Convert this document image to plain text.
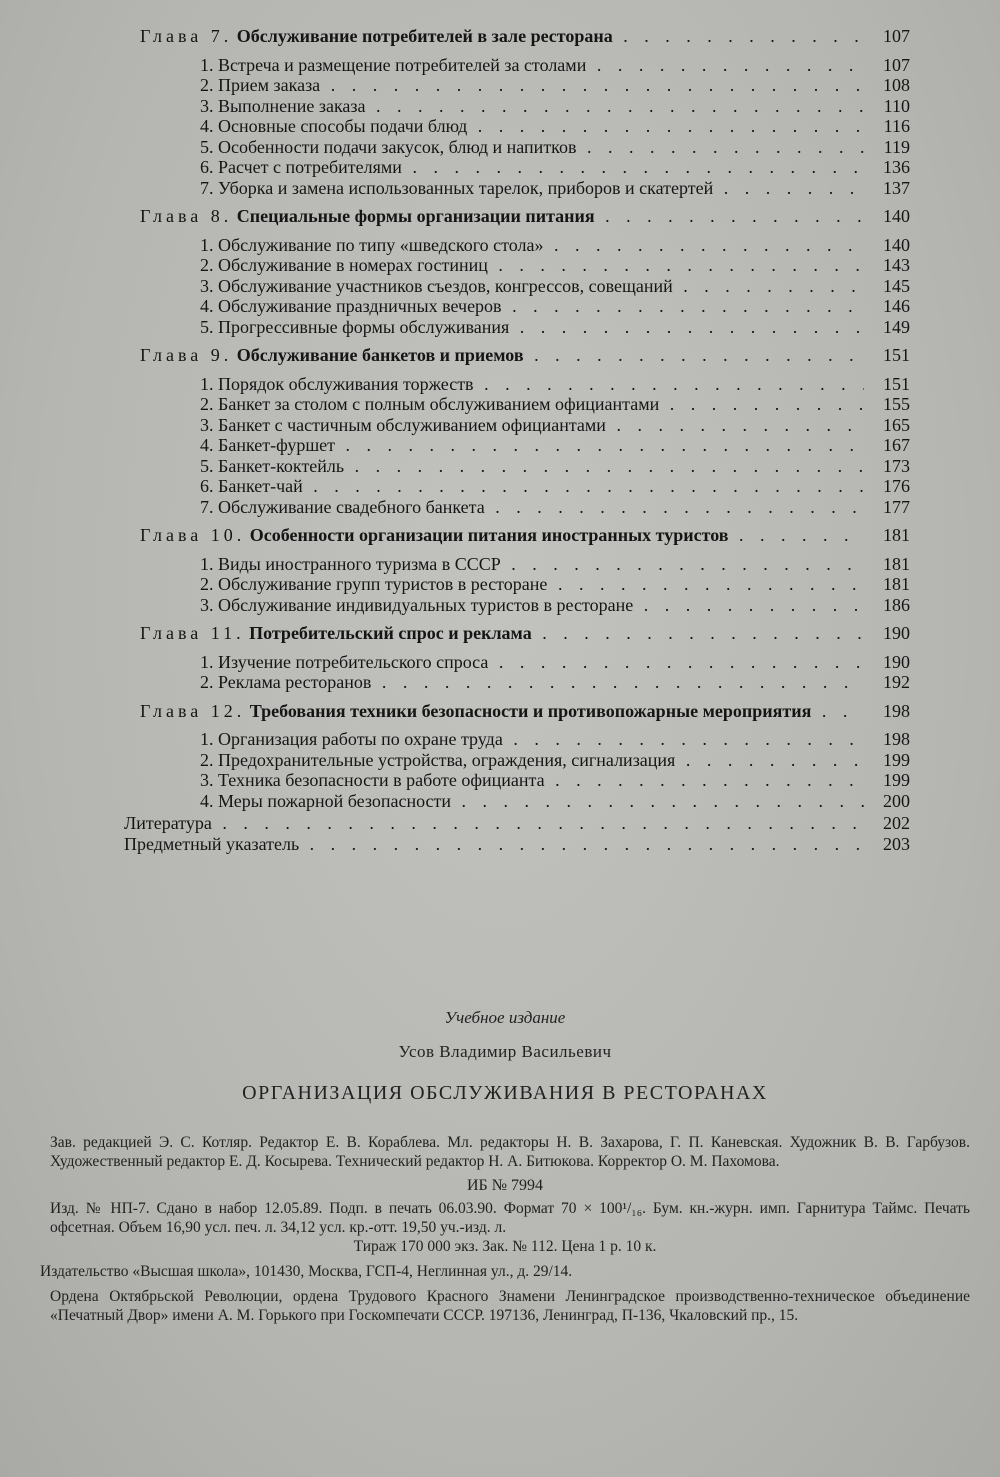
Глава 7. Обслуживание потребителей в зале ресторана . . .	107
1. Встреча и размещение потребителей за столами . . .	107
2. Прием заказа . . .	108
3. Выполнение заказа . . .	110
4. Основные способы подачи блюд . . .	116
5. Особенности подачи закусок, блюд и напитков . . .	119
6. Расчет с потребителями . . .	136
7. Уборка и замена использованных тарелок, приборов и скатертей . . .	137
Глава 8. Специальные формы организации питания . . .	140
1. Обслуживание по типу «шведского стола» . . .	140
2. Обслуживание в номерах гостиниц . . .	143
3. Обслуживание участников съездов, конгрессов, совещаний . . .	145
4. Обслуживание праздничных вечеров . . .	146
5. Прогрессивные формы обслуживания . . .	149
Глава 9. Обслуживание банкетов и приемов . . .	151
1. Порядок обслуживания торжеств . . .	151
2. Банкет за столом с полным обслуживанием официантами . . .	155
3. Банкет с частичным обслуживанием официантами . . .	165
4. Банкет-фуршет . . .	167
5. Банкет-коктейль . . .	173
6. Банкет-чай . . .	176
7. Обслуживание свадебного банкета . . .	177
Глава 10. Особенности организации питания иностранных туристов . . .	181
1. Виды иностранного туризма в СССР . . .	181
2. Обслуживание групп туристов в ресторане . . .	181
3. Обслуживание индивидуальных туристов в ресторане . . .	186
Глава 11. Потребительский спрос и реклама . . .	190
1. Изучение потребительского спроса . . .	190
2. Реклама ресторанов . . .	192
Глава 12. Требования техники безопасности и противопожарные мероприятия . . .	198
1. Организация работы по охране труда . . .	198
2. Предохранительные устройства, ограждения, сигнализация . . .	199
3. Техника безопасности в работе официанта . . .	199
4. Меры пожарной безопасности . . .	200
Литература . . .	202
Предметный указатель . . .	203
Учебное издание
Усов Владимир Васильевич
ОРГАНИЗАЦИЯ ОБСЛУЖИВАНИЯ В РЕСТОРАНАХ
Зав. редакцией Э. С. Котляр. Редактор Е. В. Кораблева. Мл. редакторы Н. В. Захарова, Г. П. Каневская. Художник В. В. Гарбузов. Художественный редактор Е. Д. Косырева. Технический редактор Н. А. Битюкова. Корректор О. М. Пахомова.
ИБ № 7994
Изд. № НП-7. Сдано в набор 12.05.89. Подп. в печать 06.03.90. Формат 70 × 100¹/₁₆. Бум. кн.-журн. имп. Гарнитура Таймс. Печать офсетная. Объем 16,90 усл. печ. л. 34,12 усл. кр.-отт. 19,50 уч.-изд. л.
Тираж 170 000 экз. Зак. № 112. Цена 1 р. 10 к.
Издательство «Высшая школа», 101430, Москва, ГСП-4, Неглинная ул., д. 29/14.
Ордена Октябрьской Революции, ордена Трудового Красного Знамени Ленинградское производственно-техническое объединение «Печатный Двор» имени А. М. Горького при Госкомпечати СССР. 197136, Ленинград, П-136, Чкаловский пр., 15.
